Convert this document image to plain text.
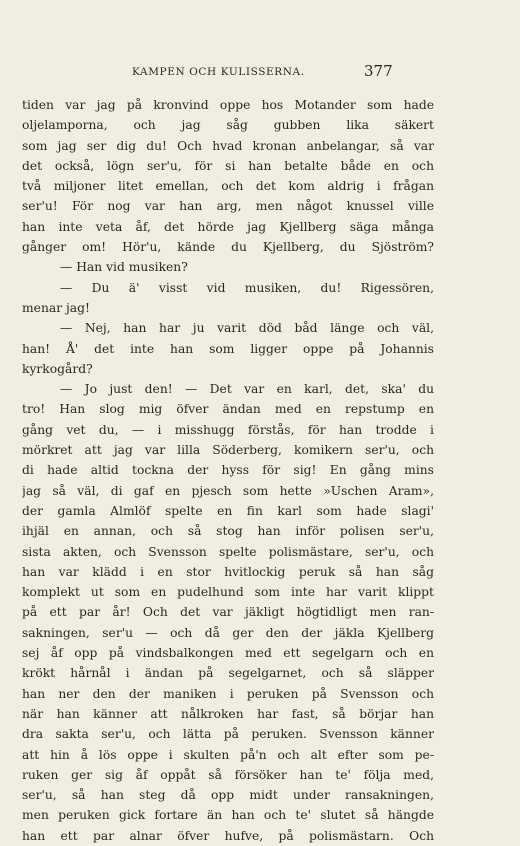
KAMPEN OCH KULISSERNA.	377
tiden var jag på kronvind oppe hos Motander som hade
oljelamporna, och jag såg gubben lika säkert
som jag ser dig du! Och hvad kronan anbelangar, så var
det också, lögn ser'u, för si han betalte både en och
två miljoner litet emellan, och det kom aldrig i frågan
ser'u! För nog var han arg, men något knussel ville
han inte veta åf, det hörde jag Kjellberg säga många
gånger om! Hör'u, kände du Kjellberg, du Sjöström?
— Han vid musiken?
— Du ä' visst vid musiken, du! Rigessören,
menar jag!
— Nej, han har ju varit död båd länge och väl,
han! Å' det inte han som ligger oppe på Johannis
kyrkogård?
— Jo just den! — Det var en karl, det, ska' du
tro! Han slog mig öfver ändan med en repstump en
gång vet du, — i misshugg förstås, för han trodde i
mörkret att jag var lilla Söderberg, komikern ser'u, och
di hade altid tockna der hyss för sig! En gång mins
jag så väl, di gaf en pjesch som hette »Uschen Aram»,
der gamla Almlöf spelte en fin karl som hade slagi'
ihjäl en annan, och så stog han inför polisen ser'u,
sista akten, och Svensson spelte polismästare, ser'u, och
han var klädd i en stor hvitlockig peruk så han såg
komplekt ut som en pudelhund som inte har varit klippt
på ett par år! Och det var jäkligt högtidligt men ran-
sakningen, ser'u — och då ger den der jäkla Kjellberg
sej åf opp på vindsbalkongen med ett segelgarn och en
krökt hårnål i ändan på segelgarnet, och så släpper
han ner den der maniken i peruken på Svensson och
när han känner att nålkroken har fast, så börjar han
dra sakta ser'u, och lätta på peruken. Svensson känner
att hin å lös oppe i skulten på'n och alt efter som pe-
ruken ger sig åf oppåt så försöker han te' följa med,
ser'u, så han steg då opp midt under ransakningen,
men peruken gick fortare än han och te' slutet så hängde
han ett par alnar öfver hufve, på polismästarn. Och
